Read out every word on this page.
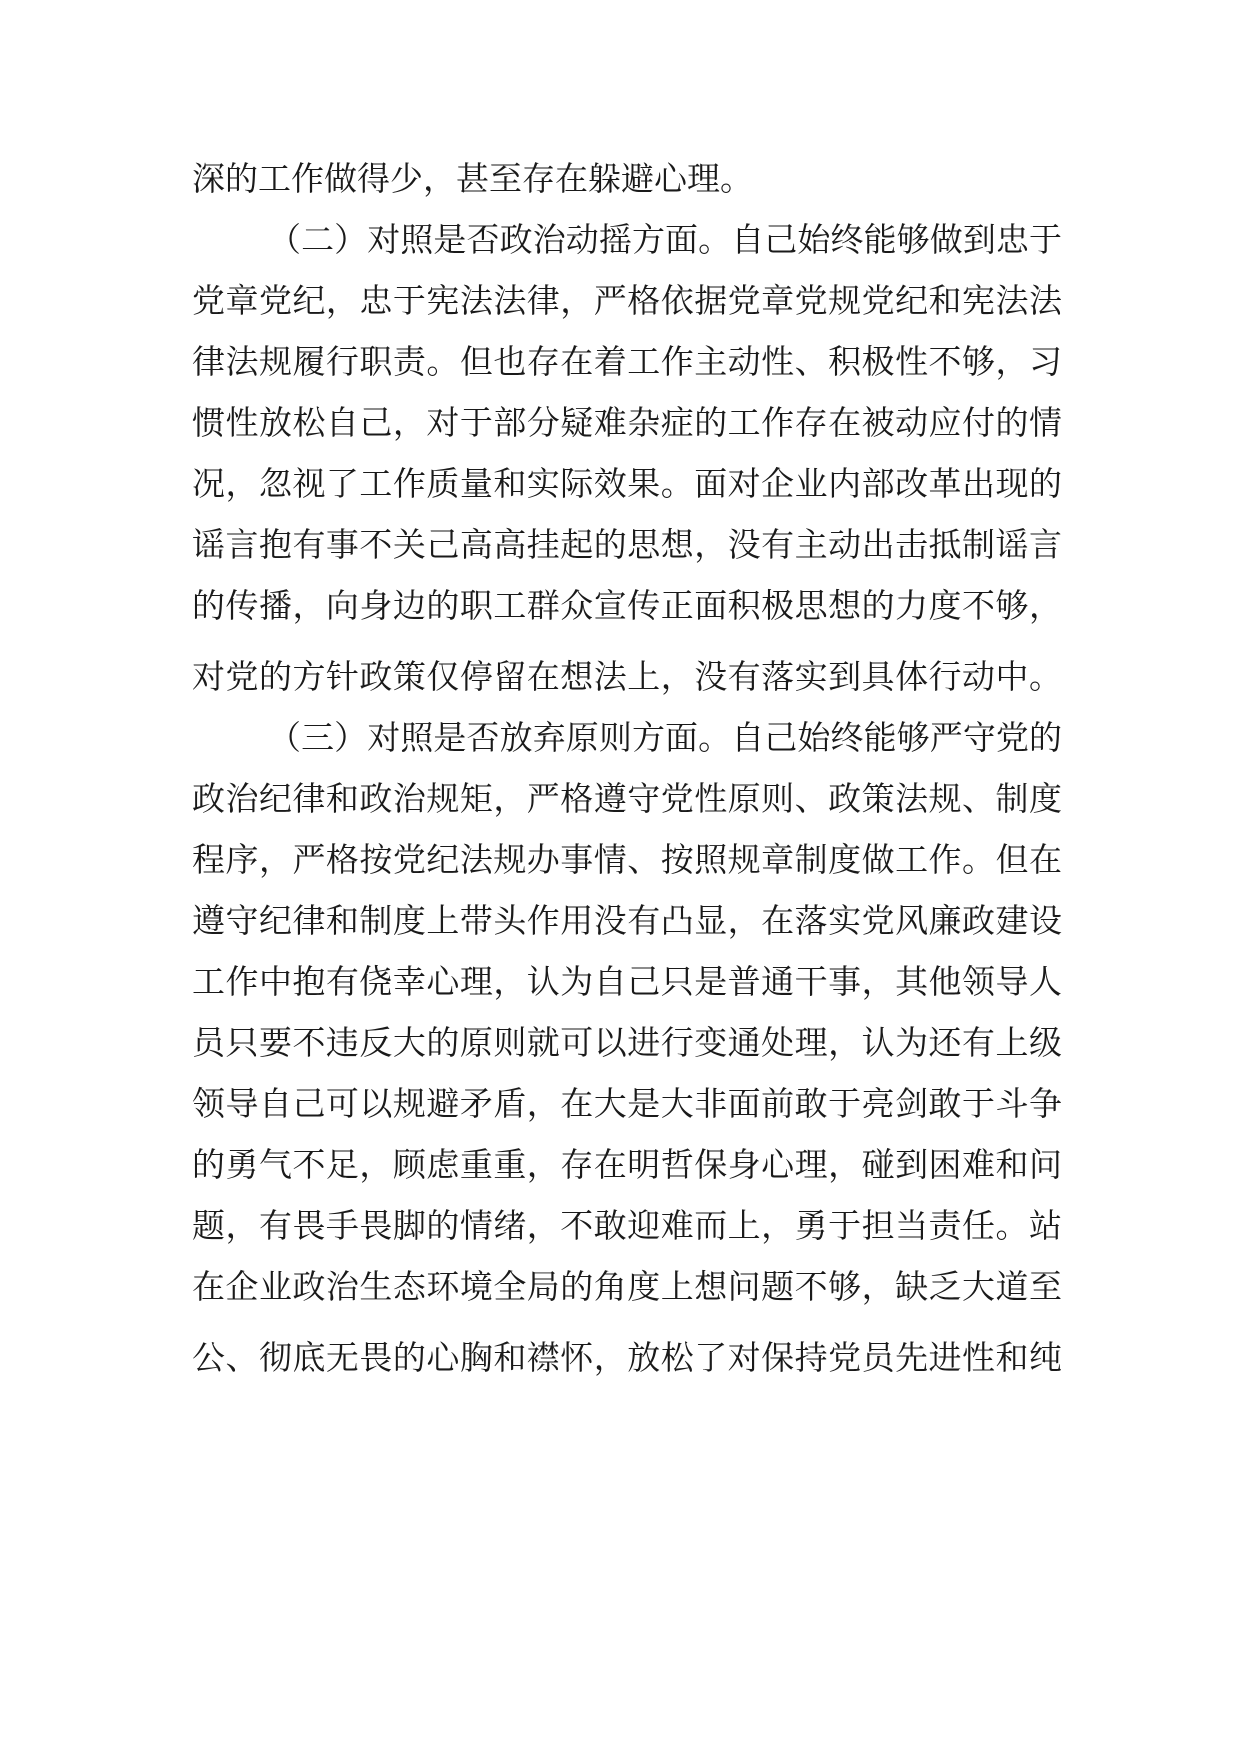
深的工作做得少，甚至存在躲避心理。
（二）对照是否政治动摇方面。自己始终能够做到忠于
党章党纪，忠于宪法法律，严格依据党章党规党纪和宪法法
律法规履行职责。但也存在着工作主动性、积极性不够，习
惯性放松自己，对于部分疑难杂症的工作存在被动应付的情
况，忽视了工作质量和实际效果。面对企业内部改革出现的
谣言抱有事不关己高高挂起的思想，没有主动出击抵制谣言
的传播，向身边的职工群众宣传正面积极思想的力度不够，
对党的方针政策仅停留在想法上，没有落实到具体行动中。
（三）对照是否放弃原则方面。自己始终能够严守党的
政治纪律和政治规矩，严格遵守党性原则、政策法规、制度
程序，严格按党纪法规办事情、按照规章制度做工作。但在
遵守纪律和制度上带头作用没有凸显，在落实党风廉政建设
工作中抱有侥幸心理，认为自己只是普通干事，其他领导人
员只要不违反大的原则就可以进行变通处理，认为还有上级
领导自己可以规避矛盾，在大是大非面前敢于亮剑敢于斗争
的勇气不足，顾虑重重，存在明哲保身心理，碰到困难和问
题，有畏手畏脚的情绪，不敢迎难而上，勇于担当责任。站
在企业政治生态环境全局的角度上想问题不够，缺乏大道至
公、彻底无畏的心胸和襟怀，放松了对保持党员先进性和纯
